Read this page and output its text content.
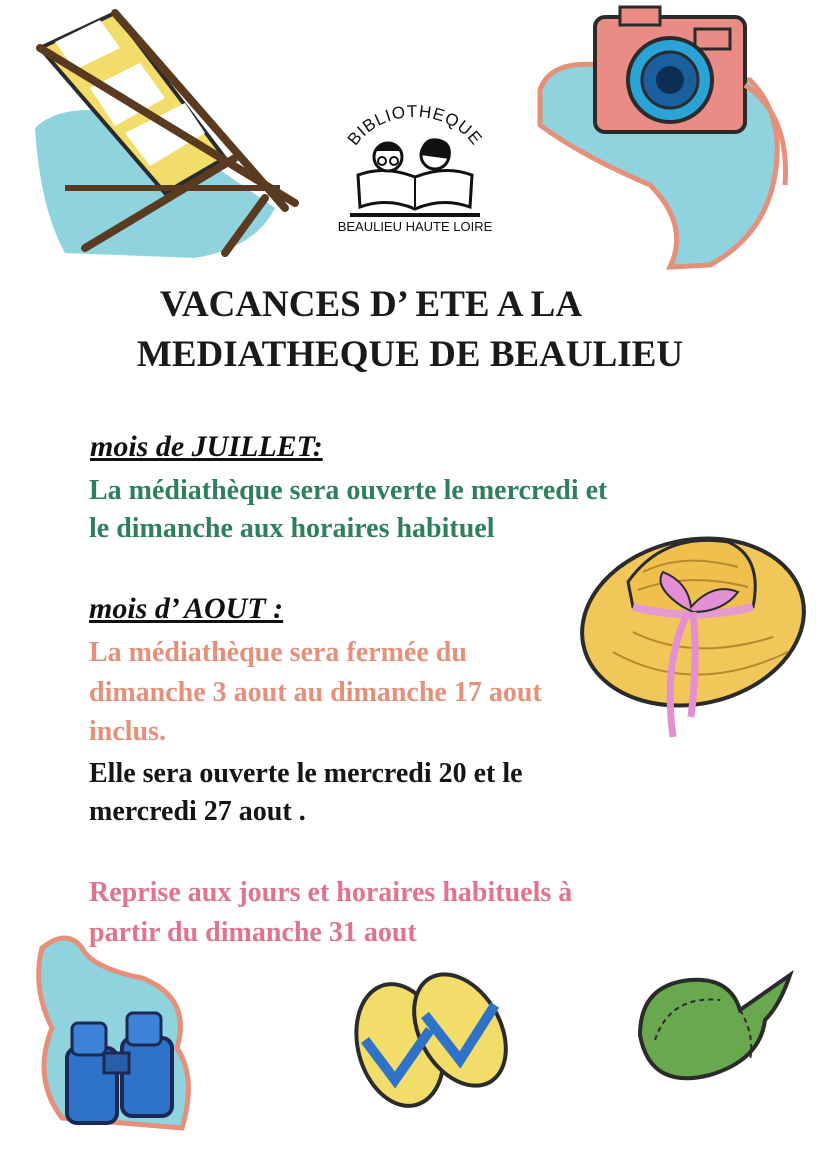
BIBLIOTHEQUE
BEAULIEU HAUTE LOIRE
VACANCES D’ ETE A LA
MEDIATHEQUE DE BEAULIEU
mois de JUILLET:
La médiathèque sera ouverte le mercredi et
le dimanche aux horaires habituel
mois d’ AOUT :
La médiathèque sera fermée du
dimanche 3 aout au dimanche 17 aout
inclus.
Elle sera ouverte le mercredi 20 et le
mercredi 27 aout .
Reprise aux jours et horaires habituels à
partir du dimanche 31 aout
